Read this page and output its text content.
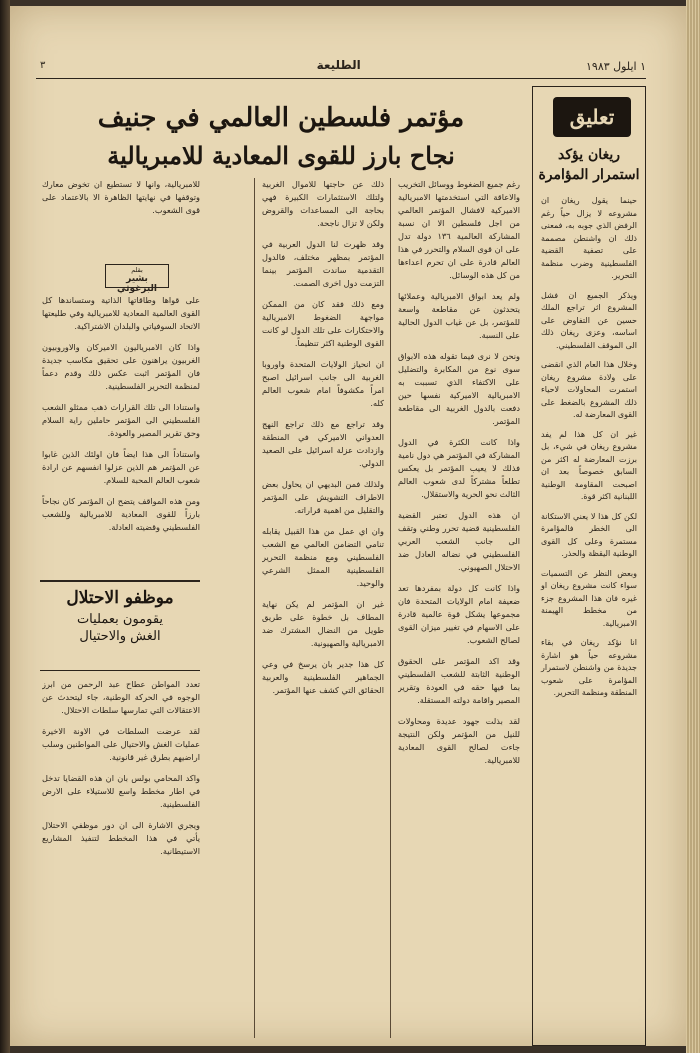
١ ايلول ١٩٨٣
الطليعة
٣
مؤتمر فلسطين العالمي في جنيف
نجاح بارز للقوى المعادية للامبريالية
بقلم
بشير البرغوثي

رغم جميع الضغوط ووسائل التخريب والاعاقة التي استخدمتها الامبريالية الاميركية لافشال المؤتمر العالمي من اجل فلسطين الا ان نسبة المشاركة العالمية ١٣٦ دولة تدل على ان قوى السلام والتحرر في هذا العالم قادرة على ان تحرم اعداءها من كل هذه الوسائل.

ولم يعد ابواق الامبريالية وعملائها يتحدثون عن مقاطعة واسعة للمؤتمر، بل عن غياب الدول الحالية على النسبة.

ونحن لا نرى فيما تقوله هذه الابواق سوى نوع من المكابرة والتضليل على الاكتفاء الذي تسببت به الامبريالية الاميركية نفسها حين دفعت بالدول الغربية الى مقاطعة المؤتمر.

واذا كانت الكثرة في الدول المشاركة في المؤتمر هي دول نامية فذلك لا يعيب المؤتمر بل يعكس تطلعاً مشتركاً لدى شعوب العالم الثالث نحو الحرية والاستقلال.

ان هذه الدول تعتبر القضية الفلسطينية قضية تحرر وطني وتقف الى جانب الشعب العربي الفلسطيني في نضاله العادل ضد الاحتلال الصهيوني.

واذا كانت كل دولة بمفردها تعد ضعيفة امام الولايات المتحدة فان مجموعها يشكل قوة عالمية قادرة على الاسهام في تغيير ميزان القوى لصالح الشعوب.

وقد اكد المؤتمر على الحقوق الوطنية الثابتة للشعب الفلسطيني بما فيها حقه في العودة وتقرير المصير واقامة دولته المستقلة.

لقد بذلت جهود عديدة ومحاولات للنيل من المؤتمر ولكن النتيجة جاءت لصالح القوى المعادية للامبريالية.

ذلك عن حاجتها للاموال الغربية ولتلك الاستثمارات الكبيرة فهي بحاجة الى المساعدات والقروض ولكن لا تزال ناجحة.

وقد ظهرت لنا الدول العربية في المؤتمر بمظهر مختلف، فالدول التقدمية ساندت المؤتمر بينما التزمت دول اخرى الصمت.

ومع ذلك فقد كان من الممكن مواجهة الضغوط الامبريالية والاحتكارات على تلك الدول لو كانت القوى الوطنية اكثر تنظيماً.

ان انحياز الولايات المتحدة واوروبا الغربية الى جانب اسرائيل اصبح امراً مكشوفاً امام شعوب العالم كله.

وقد تراجع مع ذلك تراجع النهج العدواني الاميركي في المنطقة وازدادت عزلة اسرائيل على الصعيد الدولي.

ولذلك فمن البديهي ان يحاول بعض الاطراف التشويش على المؤتمر والتقليل من اهمية قراراته.

وان اي عمل من هذا القبيل يقابله تنامي التضامن العالمي مع الشعب الفلسطيني ومع منظمة التحرير الفلسطينية الممثل الشرعي والوحيد.

غير ان المؤتمر لم يكن نهاية المطاف بل خطوة على طريق طويل من النضال المشترك ضد الامبريالية والصهيونية.

كل هذا جدير بان يرسخ في وعي الجماهير الفلسطينية والعربية الحقائق التي كشف عنها المؤتمر.

للامبريالية، وانها لا تستطيع ان تخوض معارك وتوقفها في نهايتها الظاهرة الا بالاعتماد على قوى الشعوب.

على قواها وطاقاتها الذاتية وستساندها كل القوى العالمية المعادية للامبريالية وفي طليعتها الاتحاد السوفياتي والبلدان الاشتراكية.

واذا كان الامبرياليون الاميركان والاوروبيون الغربيون يراهنون على تحقيق مكاسب جديدة فان المؤتمر اثبت عكس ذلك وقدم دعماً لمنظمة التحرير الفلسطينية.

واستنادا الى تلك القرارات ذهب ممثلو الشعب الفلسطيني الى المؤتمر حاملين راية السلام وحق تقرير المصير والعودة.

واستناداً الى هذا ايضاً فان اولئك الذين غابوا عن المؤتمر هم الذين عزلوا انفسهم عن ارادة شعوب العالم المحبة للسلام.

ومن هذه المواقف يتضح ان المؤتمر كان نجاحاً بارزاً للقوى المعادية للامبريالية وللشعب الفلسطيني وقضيته العادلة.

موظفو الاحتلال
يقومون بعمليات
الغش والاحتيال

تعدد المواطن عطاح عبد الرحمن من ابرز الوجوه في الحركة الوطنية، جاء ليتحدث عن الاعتقالات التي تمارسها سلطات الاحتلال.

لقد عرضت السلطات في الاونة الاخيرة عمليات الغش والاحتيال على المواطنين وسلب اراضيهم بطرق غير قانونية.

واكد المحامي بولس بان ان هذه القضايا تدخل في اطار مخطط واسع للاستيلاء على الارض الفلسطينية.

ويجري الاشارة الى ان دور موظفي الاحتلال يأتي في هذا المخطط لتنفيذ المشاريع الاستيطانية.

تعليق
ريغان يؤكد استمرار المؤامرة

حينما يقول ريغان ان مشروعه لا يزال حياً رغم الرفض الذي جوبه به، فمعنى ذلك ان واشنطن مصممة على تصفية القضية الفلسطينية وضرب منظمة التحرير.

ويذكر الجميع ان فشل المشروع اثر تراجع الملك حسين عن التفاوض على اساسه، وعزى ريغان ذلك الى الموقف الفلسطيني.

وخلال هذا العام الذي انقضى على ولادة مشروع ريغان استمرت المحاولات لاحياء ذلك المشروع بالضغط على القوى المعارضة له.

غير ان كل هذا لم يفد مشروع ريغان في شيء، بل برزت المعارضة له اكثر من السابق خصوصاً بعد ان اصبحت المقاومة الوطنية اللبنانية اكثر قوة.

لكن كل هذا لا يعني الاستكانة الى الخطر فالمؤامرة مستمرة وعلى كل القوى الوطنية اليقظة والحذر.

وبعض النظر عن التسميات سواء كانت مشروع ريغان او غيره فان هذا المشروع جزء من مخطط الهيمنة الامبريالية.

انا نؤكد ريغان في بقاء مشروعه حياً هو اشارة جديدة من واشنطن لاستمرار المؤامرة على شعوب المنطقة ومنظمة التحرير.
